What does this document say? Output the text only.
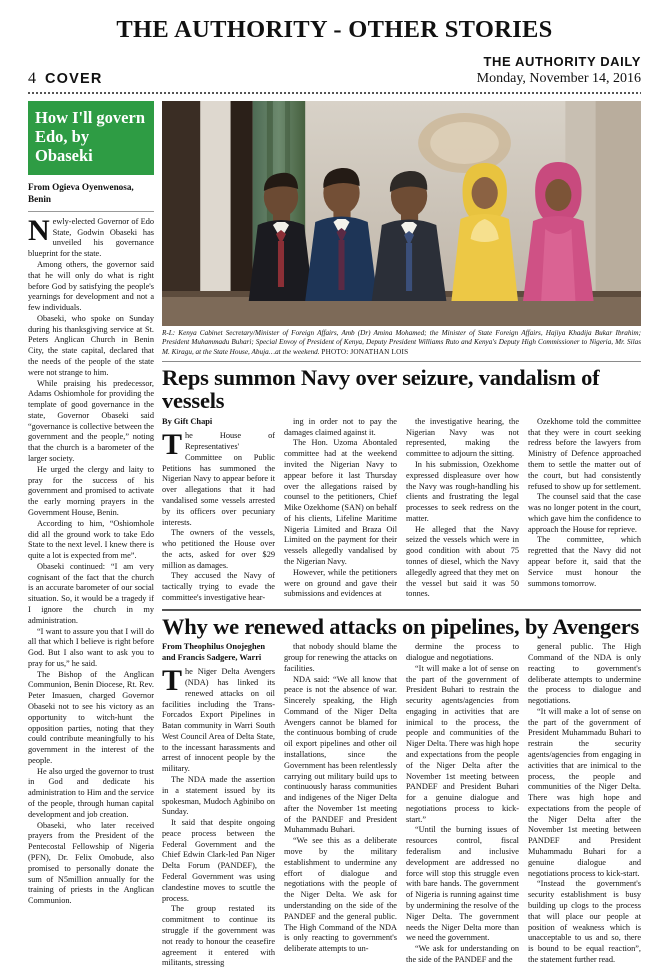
THE AUTHORITY - OTHER STORIES
4 COVER
THE AUTHORITY DAILY
Monday, November 14, 2016
How I'll govern Edo, by Obaseki
From Ogieva Oyenwenosa, Benin

Newly-elected Governor of Edo State, Godwin Obaseki has unveiled his governance blueprint for the state.

Among others, the governor said that he will only do what is right before God by satisfying the people's yearnings for development and not a few individuals.

Obaseki, who spoke on Sunday during his thanksgiving service at St. Peters Anglican Church in Benin City, the state capital, declared that the needs of the people of the state were not strange to him.

While praising his predecessor, Adams Oshiomhole for providing the template of good governance in the state, Governor Obaseki said “governance is collective between the government and the people,” noting that the church is a barometer of the larger society.

He urged the clergy and laity to pray for the success of his government and promised to activate the early morning prayers in the Government House, Benin.

According to him, “Oshiomhole did all the ground work to take Edo State to the next level. I knew there is quite a lot is expected from me”.

Obaseki continued: “I am very cognisant of the fact that the church is an accurate barometer of our social situation. So, it would be a tragedy if I ignore the church in my administration.

“I want to assure you that I will do all that which I believe is right before God. But I also want to ask you to pray for us,” he said.

The Bishop of the Anglican Communion, Benin Diocese, Rt. Rev. Peter Imasuen, charged Governor Obaseki not to see his victory as an opportunity to witch-hunt the opposition parties, noting that they could contribute meaningfully to his government in the interest of the people.

He also urged the governor to trust in God and dedicate his administration to Him and the service of the people, through human capital development and job creation.

Obaseki, who later received prayers from the President of the Pentecostal Fellowship of Nigeria (PFN), Dr. Felix Omobude, also promised to personally donate the sum of N5million annually for the training of priests in the Anglican Communion.

R-L: Kenya Cabinet Secretary/Minister of Foreign Affairs, Amb (Dr) Amina Mohamed; the Minister of State Foreign Affairs, Hajiya Khadija Bukar Ibrahim; President Muhammadu Buhari; Special Envoy of President of Kenya, Deputy President Williams Ruto and Kenya's Deputy High Commissioner to Nigeria, Mr. Silas M. Kiragu, at the State House, Abuja…at the weekend. PHOTO: JONATHAN LOIS
Reps summon Navy over seizure, vandalism of vessels
By Gift Chapi

The House of Representatives' Committee on Public Petitions has summoned the Nigerian Navy to appear before it over allegations that it had vandalised some vessels arrested by its officers over pecuniary interests.

The owners of the vessels, who petitioned the House over the acts, asked for over $29 million as damages.

They accused the Navy of tactically trying to evade the committee's investigative hear-

ing in order not to pay the damages claimed against it.

The Hon. Uzoma Abontaled committee had at the weekend invited the Nigerian Navy to appear before it last Thursday over the allegations raised by counsel to the petitioners, Chief Mike Ozekhome (SAN) on behalf of his clients, Lifeline Maritime Nigeria Limited and Braza Oil Limited on the payment for their vessels allegedly vandalised by the Nigerian Navy.

However, while the petitioners were on ground and gave their submissions and evidences at

the investigative hearing, the Nigerian Navy was not represented, making the committee to adjourn the sitting.

In his submission, Ozekhome expressed displeasure over how the Navy was rough-handling his clients and frustrating the legal processes to seek redress on the matter.

He alleged that the Navy seized the vessels which were in good condition with about 75 tonnes of diesel, which the Navy allegedly agreed that they met on the vessel but said it was 50 tonnes.

Ozekhome told the committee that they were in court seeking redress before the lawyers from Ministry of Defence approached them to settle the matter out of the court, but had consistently refused to show up for settlement.

The counsel said that the case was no longer potent in the court, which gave him the confidence to approach the House for reprieve.

The committee, which regretted that the Navy did not appear before it, said that the Service must honour the summons tomorrow.

Why we renewed attacks on pipelines, by Avengers
From Theophilus Onojeghen and Francis Sadgere, Warri

The Niger Delta Avengers (NDA) has linked its renewed attacks on oil facilities including the Trans-Forcados Export Pipelines in Batan community in Warri South West Council Area of Delta State, to the incessant harassments and arrest of innocent people by the military.

The NDA made the assertion in a statement issued by its spokesman, Mudoch Agbinibo on Sunday.

It said that despite ongoing peace process between the Federal Government and the Chief Edwin Clark-led Pan Niger Delta Forum (PANDEF), the Federal Government was using clandestine moves to scuttle the process.

The group restated its commitment to continue its struggle if the government was not ready to honour the ceasefire agreement it entered with militants, stressing

that nobody should blame the group for renewing the attacks on facilities.

NDA said: “We all know that peace is not the absence of war. Sincerely speaking, the High Command of the Niger Delta Avengers cannot be blamed for the continuous bombing of crude oil export pipelines and other oil installations, since the Government has been relentlessly carrying out military build ups to continuously harass communities and indigenes of the Niger Delta after the November 1st meeting of the PANDEF and President Muhammadu Buhari.

“We see this as a deliberate move by the military establishment to undermine any effort of dialogue and negotiations with the people of the Niger Delta. We ask for understanding on the side of the PANDEF and the general public. The High Command of the NDA is only reacting to government's deliberate attempts to un-

dermine the process to dialogue and negotiations.

“It will make a lot of sense on the part of the government of President Buhari to restrain the security agents/agencies from engaging in activities that are inimical to the process, the people and communities of the Niger Delta. There was high hope and expectations from the people of the Niger Delta after the November 1st meeting between PANDEF and President Buhari for a genuine dialogue and negotiations process to kick-start.”

“Until the burning issues of resources control, fiscal federalism and inclusive development are addressed no force will stop this struggle even with bare hands. The government of Nigeria is running against time by undermining the resolve of the Niger Delta. The government needs the Niger Delta more than we need the government.

“We ask for understanding on the side of the PANDEF and the

general public. The High Command of the NDA is only reacting to government's deliberate attempts to undermine the process to dialogue and negotiations.

“It will make a lot of sense on the part of the government of President Muhammadu Buhari to restrain the security agents/agencies from engaging in activities that are inimical to the process, the people and communities of the Niger Delta. There was high hope and expectations from the people of the Niger Delta after the November 1st meeting between PANDEF and President Muhammadu Buhari for a genuine dialogue and negotiations process to kick-start.

“Instead the government's security establishment is busy building up clogs to the process that will place our people at position of weakness which is unacceptable to us and so, there is bound to be equal reaction”, the statement further read.
